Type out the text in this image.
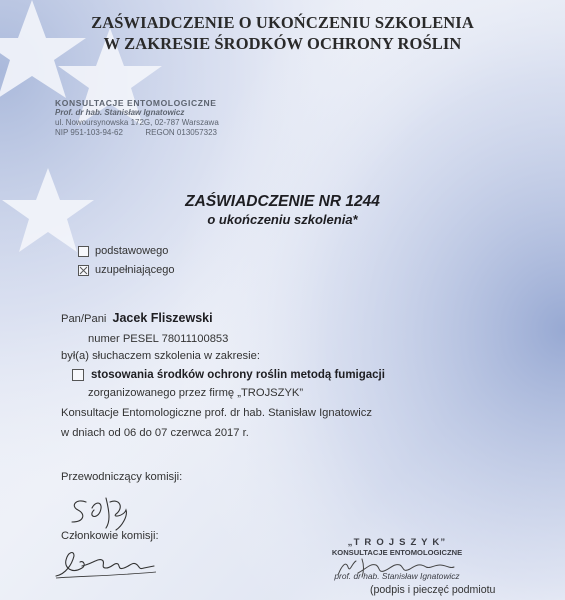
ZAŚWIADCZENIE O UKOŃCZENIU SZKOLENIA
W ZAKRESIE ŚRODKÓW OCHRONY ROŚLIN
KONSULTACJE ENTOMOLOGICZNE
Prof. dr hab. Stanisław Ignatowicz
ul. Nowoursynowska 172G, 02-787 Warszawa
NIP 951-103-94-62	REGON 013057323
ZAŚWIADCZENIE NR 1244
o ukończeniu szkolenia*
podstawowego
uzupełniającego
Pan/Pani Jacek Fliszewski
numer PESEL 78011100853
był(a) słuchaczem szkolenia w zakresie:
stosowania środków ochrony roślin metodą fumigacji
zorganizowanego przez firmę „TROJSZYK”
Konsultacje Entomologiczne prof. dr hab. Stanisław Ignatowicz
w dniach od 06 do 07 czerwca 2017 r.
Przewodniczący komisji:
Członkowie komisji:
„T R O J S Z Y K”
KONSULTACJE ENTOMOLOGICZNE
prof. dr hab. Stanisław Ignatowicz
(podpis i pieczęć podmiotu
